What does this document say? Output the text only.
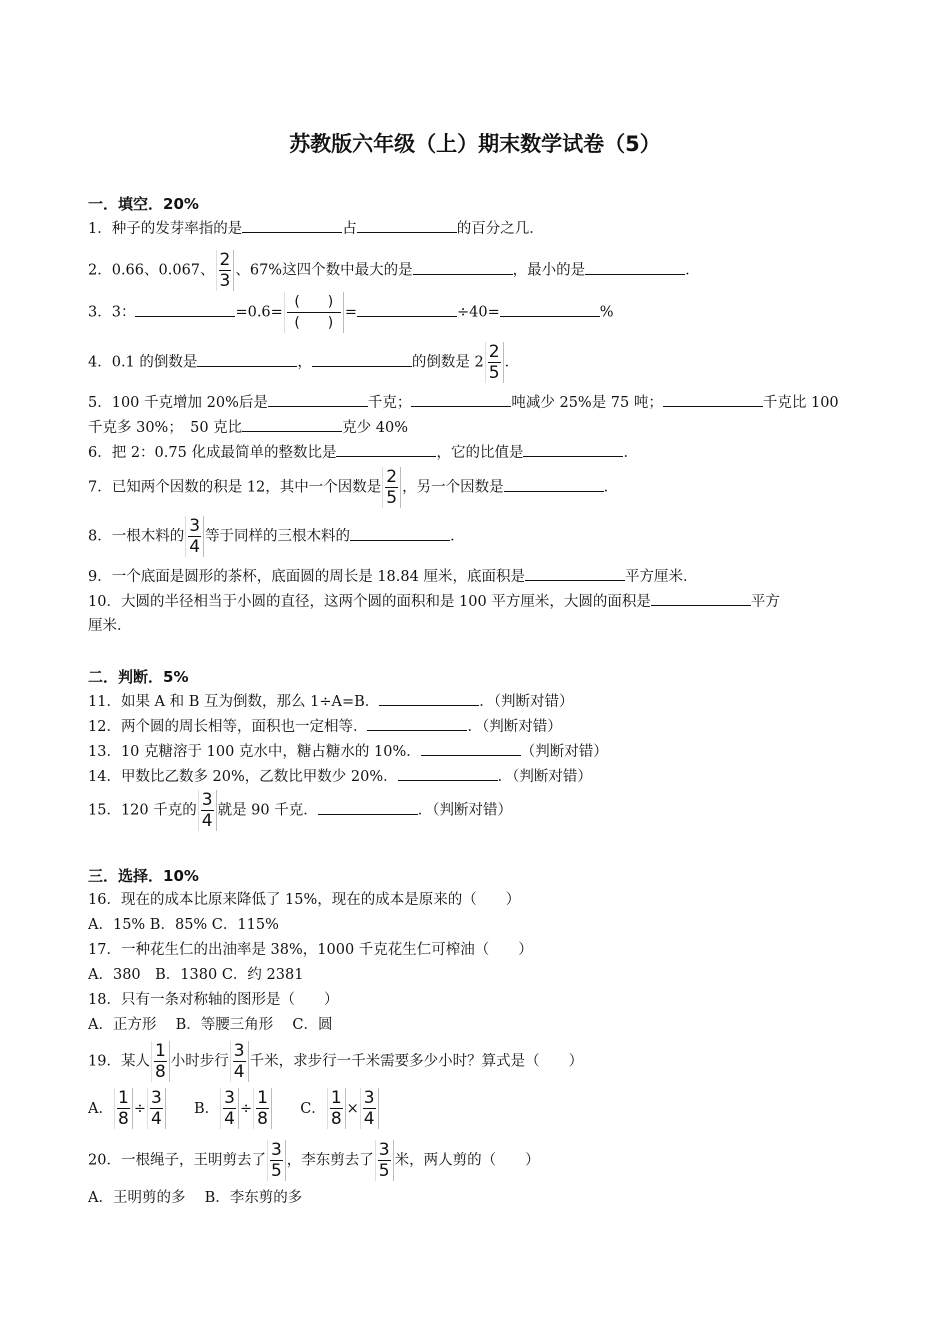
苏教版六年级（上）期末数学试卷（5）
一．填空．20%
1．种子的发芽率指的是	占	的百分之几．
2．0.66、0.067、 $\frac{2}{3}$ 、67%这四个数中最大的是	，最小的是	．
3．3：	$=0.6= \frac{( )}{( )}$ =	÷40=	%
4．0.1 的倒数是	，	的倒数是 $2 \frac{2}{5}$ ．
5．100 千克增加 20%后是	千克；	吨减少 25%是 75 吨；	千克比 100
千克多 30%；　50 克比	克少 40%
6．把 2：0.75 化成最简单的整数比是	，它的比值是	．
7．已知两个因数的积是 12，其中一个因数是 $\frac{2}{5}$ ，另一个因数是	．
8．一根木料的 $\frac{3}{4}$ 等于同样的三根木料的	．
9．一个底面是圆形的茶杯，底面圆的周长是 18.84 厘米，底面积是	平方厘米．
10．大圆的半径相当于小圆的直径，这两个圆的面积和是 100 平方厘米，大圆的面积是	平方
厘米．
二．判断．5%
11．如果 A 和 B 互为倒数，那么 1÷A=B．	．（判断对错）
12．两个圆的周长相等，面积也一定相等．	．（判断对错）
13．10 克糖溶于 100 克水中，糖占糖水的 10%．	（判断对错）
14．甲数比乙数多 20%，乙数比甲数少 20%．	．（判断对错）
15．120 千克的 $\frac{3}{4}$ 就是 90 千克．	．（判断对错）
三．选择．10%
16．现在的成本比原来降低了 15%，现在的成本是原来的（　　）
A．15% B．85% C．115%
17．一种花生仁的出油率是 38%，1000 千克花生仁可榨油（　　）
A．380　B．1380 C．约 2381
18．只有一条对称轴的图形是（　　）
A．正方形　 B．等腰三角形　 C．圆
19．某人 $\frac{1}{8}$ 小时步行 $\frac{3}{4}$ 千米，求步行一千米需要多少小时？算式是（　　）
A． $\frac{1}{8} \div \frac{3}{4}$ B． $\frac{3}{4} \div \frac{1}{8}$ C． $\frac{1}{8} \times \frac{3}{4}$
20．一根绳子，王明剪去了 $\frac{3}{5}$ ，李东剪去了 $\frac{3}{5}$ 米，两人剪的（　　）
A．王明剪的多　 B．李东剪的多
